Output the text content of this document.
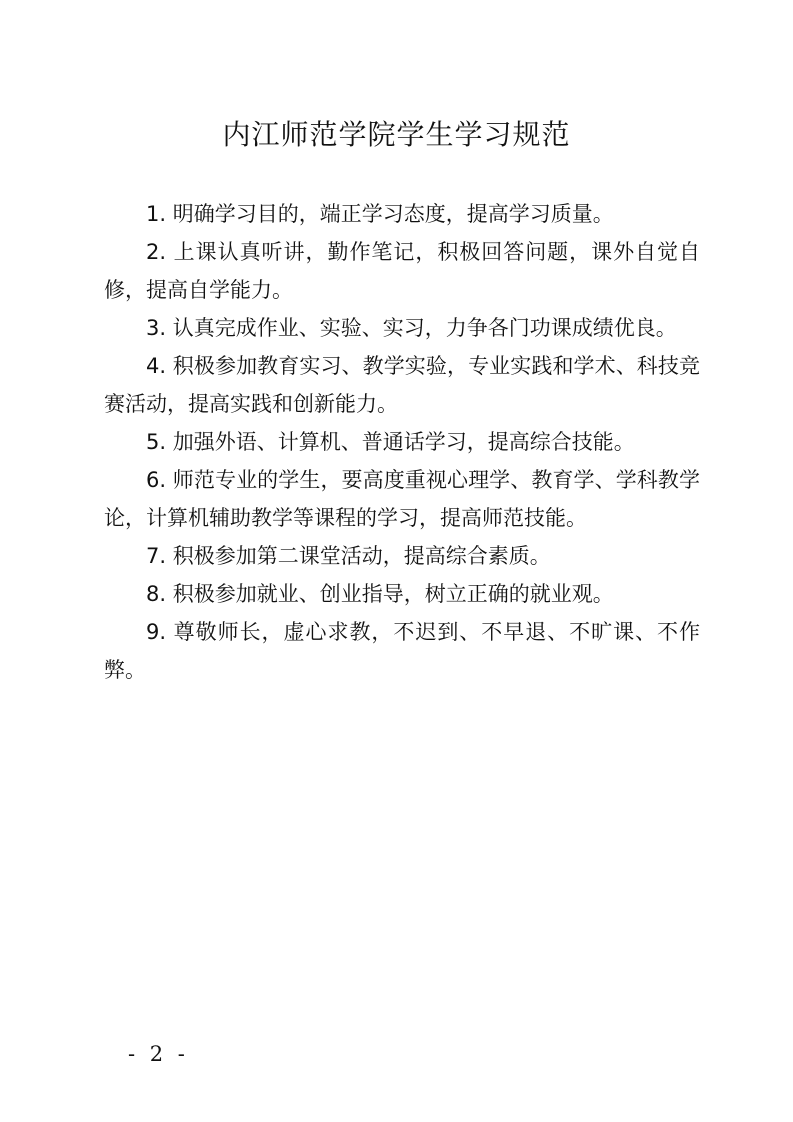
内江师范学院学生学习规范

1. 明确学习目的，端正学习态度，提高学习质量。

2. 上课认真听讲，勤作笔记，积极回答问题，课外自觉自修，提高自学能力。

3. 认真完成作业、实验、实习，力争各门功课成绩优良。

4. 积极参加教育实习、教学实验，专业实践和学术、科技竞赛活动，提高实践和创新能力。

5. 加强外语、计算机、普通话学习，提高综合技能。

6. 师范专业的学生，要高度重视心理学、教育学、学科教学论，计算机辅助教学等课程的学习，提高师范技能。

7. 积极参加第二课堂活动，提高综合素质。

8. 积极参加就业、创业指导，树立正确的就业观。

9. 尊敬师长，虚心求教，不迟到、不早退、不旷课、不作弊。

- 2 -
